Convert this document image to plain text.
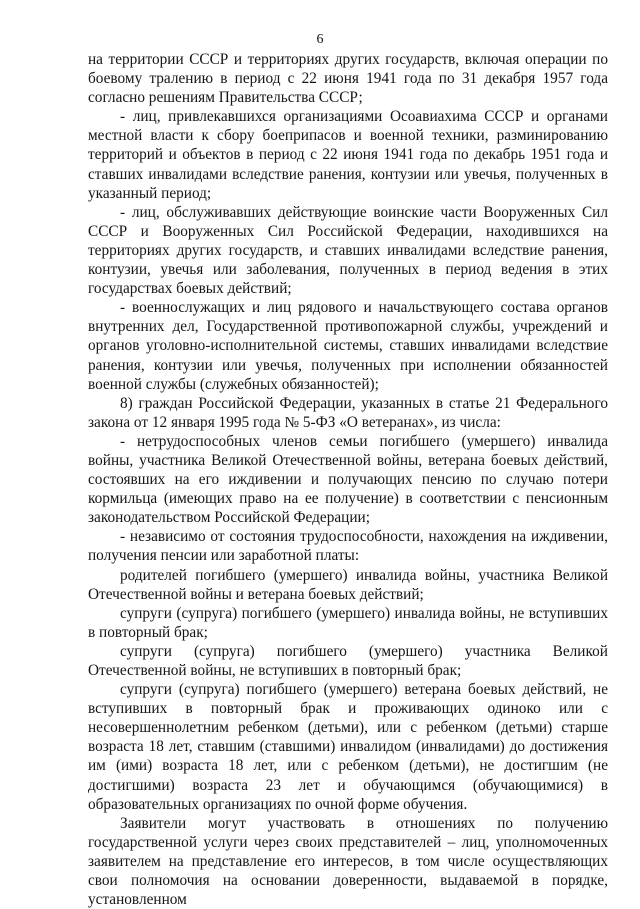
6

на территории СССР и территориях других государств, включая операции по боевому тралению в период с 22 июня 1941 года по 31 декабря 1957 года согласно решениям Правительства СССР;

- лиц, привлекавшихся организациями Осоавиахима СССР и органами местной власти к сбору боеприпасов и военной техники, разминированию территорий и объектов в период с 22 июня 1941 года по декабрь 1951 года и ставших инвалидами вследствие ранения, контузии или увечья, полученных в указанный период;

- лиц, обслуживавших действующие воинские части Вооруженных Сил СССР и Вооруженных Сил Российской Федерации, находившихся на территориях других государств, и ставших инвалидами вследствие ранения, контузии, увечья или заболевания, полученных в период ведения в этих государствах боевых действий;

- военнослужащих и лиц рядового и начальствующего состава органов внутренних дел, Государственной противопожарной службы, учреждений и органов уголовно-исполнительной системы, ставших инвалидами вследствие ранения, контузии или увечья, полученных при исполнении обязанностей военной службы (служебных обязанностей);

8) граждан Российской Федерации, указанных в статье 21 Федерального закона от 12 января 1995 года № 5-ФЗ «О ветеранах», из числа:

- нетрудоспособных членов семьи погибшего (умершего) инвалида войны, участника Великой Отечественной войны, ветерана боевых действий, состоявших на его иждивении и получающих пенсию по случаю потери кормильца (имеющих право на ее получение) в соответствии с пенсионным законодательством Российской Федерации;

- независимо от состояния трудоспособности, нахождения на иждивении, получения пенсии или заработной платы:

родителей погибшего (умершего) инвалида войны, участника Великой Отечественной войны и ветерана боевых действий;

супруги (супруга) погибшего (умершего) инвалида войны, не вступивших в повторный брак;

супруги (супруга) погибшего (умершего) участника Великой Отечественной войны, не вступивших в повторный брак;

супруги (супруга) погибшего (умершего) ветерана боевых действий, не вступивших в повторный брак и проживающих одиноко или с несовершеннолетним ребенком (детьми), или с ребенком (детьми) старше возраста 18 лет, ставшим (ставшими) инвалидом (инвалидами) до достижения им (ими) возраста 18 лет, или с ребенком (детьми), не достигшим (не достигшими) возраста 23 лет и обучающимся (обучающимися) в образовательных организациях по очной форме обучения.

Заявители могут участвовать в отношениях по получению государственной услуги через своих представителей – лиц, уполномоченных заявителем на представление его интересов, в том числе осуществляющих свои полномочия на основании доверенности, выдаваемой в порядке, установленном
